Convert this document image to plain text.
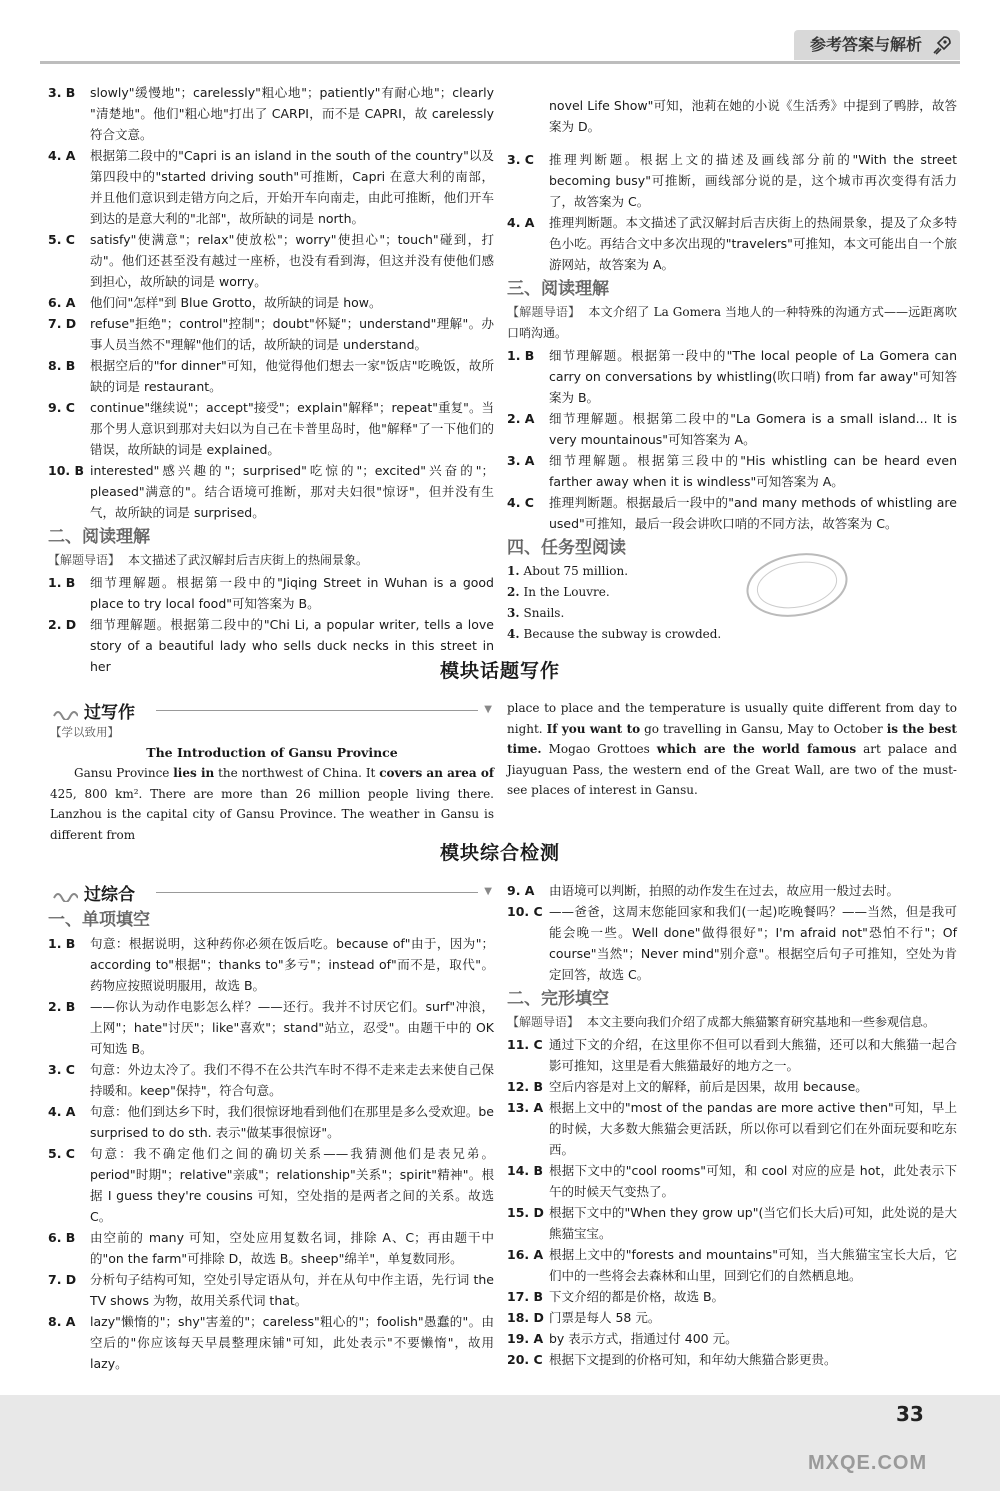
参考答案与解析
3. B slowly"缓慢地"；carelessly"粗心地"；patiently"有耐心地"；clearly "清楚地"。他们"粗心地"打出了 CARPI，而不是 CAPRI，故 carelessly 符合文意。
4. A 根据第二段中的"Capri is an island in the south of the country"以及第四段中的"started driving south"可推断，Capri 在意大利的南部，并且他们意识到走错方向之后，开始开车向南走，由此可推断，他们开车到达的是意大利的"北部"，故所缺的词是 north。
5. C satisfy"使满意"；relax"使放松"；worry"使担心"；touch"碰到，打动"。他们还甚至没有越过一座桥，也没有看到海，但这并没有使他们感到担心，故所缺的词是 worry。
6. A 他们问"怎样"到 Blue Grotto，故所缺的词是 how。
7. D refuse"拒绝"；control"控制"；doubt"怀疑"；understand"理解"。办事人员当然不"理解"他们的话，故所缺的词是 understand。
8. B 根据空后的"for dinner"可知，他觉得他们想去一家"饭店"吃晚饭，故所缺的词是 restaurant。
9. C continue"继续说"；accept"接受"；explain"解释"；repeat"重复"。当那个男人意识到那对夫妇以为自己在卡普里岛时，他"解释"了一下他们的错误，故所缺的词是 explained。
10. B interested"感兴趣的"；surprised"吃惊的"；excited"兴奋的"；pleased"满意的"。结合语境可推断，那对夫妇很"惊讶"，但并没有生气，故所缺的词是 surprised。
二、阅读理解

【解题导语】 本文描述了武汉解封后吉庆街上的热闹景象。

1. B 细节理解题。根据第一段中的"Jiqing Street in Wuhan is a good place to try local food"可知答案为 B。
2. D 细节理解题。根据第二段中的"Chi Li, a popular writer, tells a love story of a beautiful lady who sells duck necks in this street in her

novel Life Show"可知，池莉在她的小说《生活秀》中提到了鸭脖，故答案为 D。

3. C 推理判断题。根据上文的描述及画线部分前的"With the street becoming busy"可推断，画线部分说的是，这个城市再次变得有活力了，故答案为 C。
4. A 推理判断题。本文描述了武汉解封后吉庆街上的热闹景象，提及了众多特色小吃。再结合文中多次出现的"travelers"可推知，本文可能出自一个旅游网站，故答案为 A。
三、阅读理解

【解题导语】 本文介绍了 La Gomera 当地人的一种特殊的沟通方式——远距离吹口哨沟通。

1. B 细节理解题。根据第一段中的"The local people of La Gomera can carry on conversations by whistling(吹口哨) from far away"可知答案为 B。
2. A 细节理解题。根据第二段中的"La Gomera is a small island... It is very mountainous"可知答案为 A。
3. A 细节理解题。根据第三段中的"His whistling can be heard even farther away when it is windless"可知答案为 A。
4. C 推理判断题。根据最后一段中的"and many methods of whistling are used"可推知，最后一段会讲吹口哨的不同方法，故答案为 C。
四、任务型阅读
1. About 75 million.
2. In the Louvre.
3. Snails.
4. Because the subway is crowded.
模块话题写作
过写作	▼
【学以致用】
The Introduction of Gansu Province
Gansu Province lies in the northwest of China. It covers an area of 425, 800 km². There are more than 26 million people living there. Lanzhou is the capital city of Gansu Province. The weather in Gansu is different from
place to place and the temperature is usually quite different from day to night. If you want to go travelling in Gansu, May to October is the best time. Mogao Grottoes which are the world famous art palace and Jiayuguan Pass, the western end of the Great Wall, are two of the must-see places of interest in Gansu.
模块综合检测
过综合	▼
一、单项填空
1. B 句意：根据说明，这种药你必须在饭后吃。because of"由于，因为"；according to"根据"；thanks to"多亏"；instead of"而不是，取代"。药物应按照说明服用，故选 B。
2. B ——你认为动作电影怎么样？——还行。我并不讨厌它们。surf"冲浪，上网"；hate"讨厌"；like"喜欢"；stand"站立，忍受"。由题干中的 OK 可知选 B。
3. C 句意：外边太冷了。我们不得不在公共汽车时不得不走来走去来使自己保持暖和。keep"保持"，符合句意。
4. A 句意：他们到达乡下时，我们很惊讶地看到他们在那里是多么受欢迎。be surprised to do sth. 表示"做某事很惊讶"。
5. C 句意：我不确定他们之间的确切关系——我猜测他们是表兄弟。period"时期"；relative"亲戚"；relationship"关系"；spirit"精神"。根据 I guess they're cousins 可知，空处指的是两者之间的关系。故选 C。
6. B 由空前的 many 可知，空处应用复数名词，排除 A、C；再由题干中的"on the farm"可排除 D，故选 B。sheep"绵羊"，单复数同形。
7. D 分析句子结构可知，空处引导定语从句，并在从句中作主语，先行词 the TV shows 为物，故用关系代词 that。
8. A lazy"懒惰的"；shy"害羞的"；careless"粗心的"；foolish"愚蠢的"。由空后的"你应该每天早晨整理床铺"可知，此处表示"不要懒惰"，故用 lazy。
9. A 由语境可以判断，拍照的动作发生在过去，故应用一般过去时。
10. C ——爸爸，这周末您能回家和我们(一起)吃晚餐吗？——当然，但是我可能会晚一些。Well done"做得很好"；I'm afraid not"恐怕不行"；Of course"当然"；Never mind"别介意"。根据空后句子可推知，空处为肯定回答，故选 C。
二、完形填空

【解题导语】 本文主要向我们介绍了成都大熊猫繁育研究基地和一些参观信息。

11. C 通过下文的介绍，在这里你不但可以看到大熊猫，还可以和大熊猫一起合影可推知，这里是看大熊猫最好的地方之一。
12. B 空后内容是对上文的解释，前后是因果，故用 because。
13. A 根据上文中的"most of the pandas are more active then"可知，早上的时候，大多数大熊猫会更活跃，所以你可以看到它们在外面玩耍和吃东西。
14. B 根据下文中的"cool rooms"可知，和 cool 对应的应是 hot，此处表示下午的时候天气变热了。
15. D 根据下文中的"When they grow up"(当它们长大后)可知，此处说的是大熊猫宝宝。
16. A 根据上文中的"forests and mountains"可知，当大熊猫宝宝长大后，它们中的一些将会去森林和山里，回到它们的自然栖息地。
17. B 下文介绍的都是价格，故选 B。
18. D 门票是每人 58 元。
19. A by 表示方式，指通过付 400 元。
20. C 根据下文提到的价格可知，和年幼大熊猫合影更贵。
33
MXQE.COM
